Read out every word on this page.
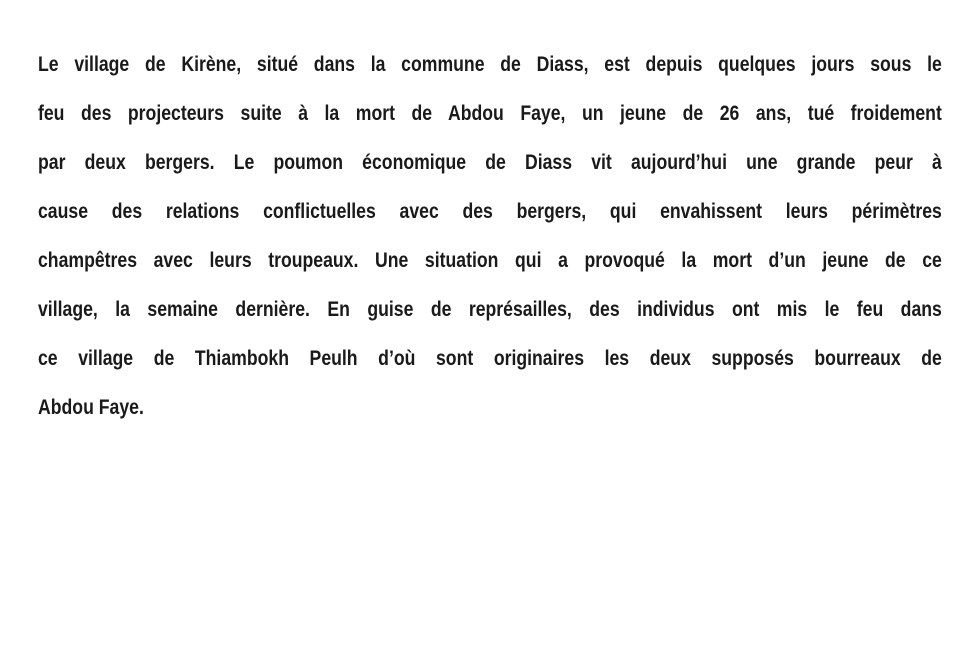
Le village de Kirène, situé dans la commune de Diass, est depuis quelques jours sous le
feu des projecteurs suite à la mort de Abdou Faye, un jeune de 26 ans, tué froidement
par deux bergers. Le poumon économique de Diass vit aujourd’hui une grande peur à
cause des relations conflictuelles avec des bergers, qui envahissent leurs périmètres
champêtres avec leurs troupeaux. Une situation qui a provoqué la mort d’un jeune de ce
village, la semaine dernière. En guise de représailles, des individus ont mis le feu dans
ce village de Thiambokh Peulh d’où sont originaires les deux supposés bourreaux de
Abdou Faye.
